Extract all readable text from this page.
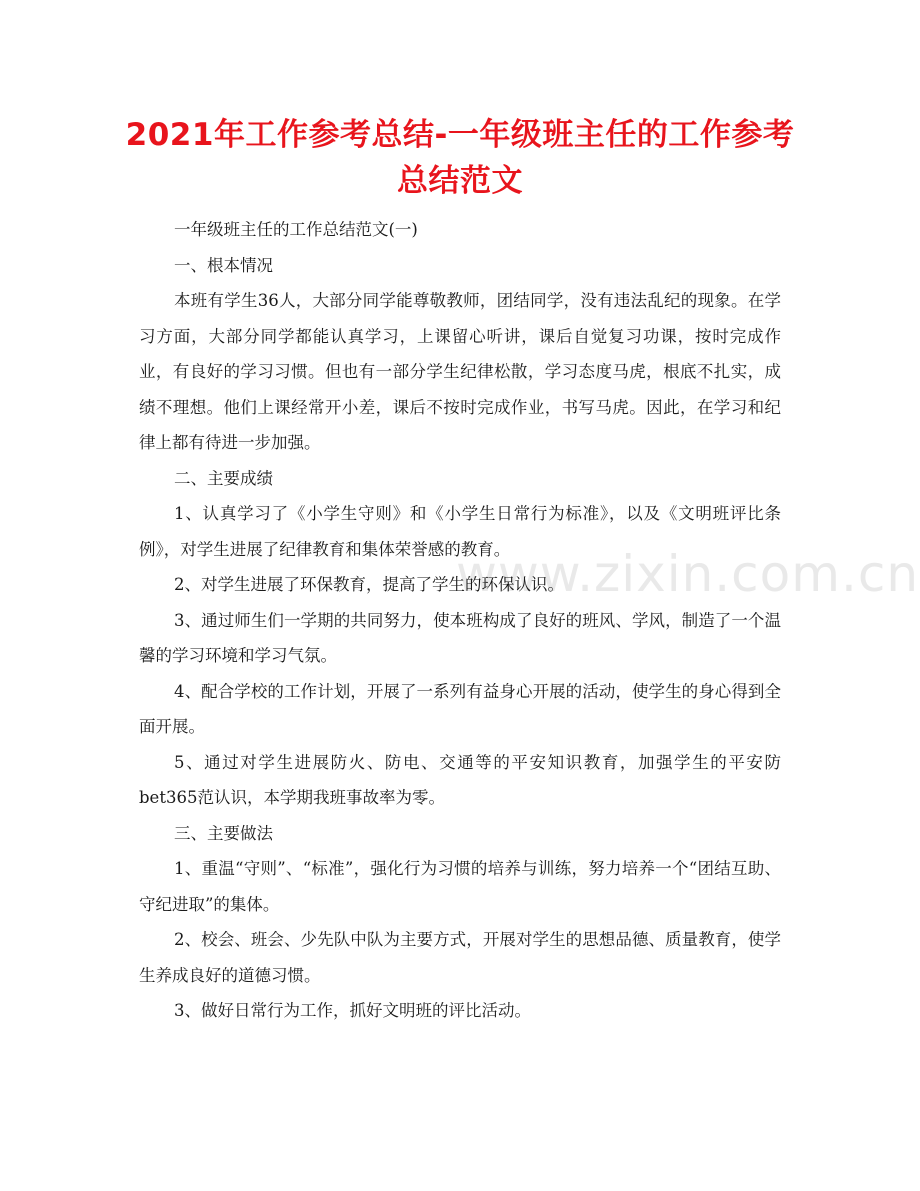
www.zixin.com.cn
2021年工作参考总结-一年级班主任的工作参考总结范文

一年级班主任的工作总结范文(一)

一、根本情况

本班有学生36人，大部分同学能尊敬教师，团结同学，没有违法乱纪的现象。在学习方面，大部分同学都能认真学习，上课留心听讲，课后自觉复习功课，按时完成作业，有良好的学习习惯。但也有一部分学生纪律松散，学习态度马虎，根底不扎实，成绩不理想。他们上课经常开小差，课后不按时完成作业，书写马虎。因此，在学习和纪律上都有待进一步加强。

二、主要成绩

1、认真学习了《小学生守则》和《小学生日常行为标准》，以及《文明班评比条例》，对学生进展了纪律教育和集体荣誉感的教育。

2、对学生进展了环保教育，提高了学生的环保认识。

3、通过师生们一学期的共同努力，使本班构成了良好的班风、学风，制造了一个温馨的学习环境和学习气氛。

4、配合学校的工作计划，开展了一系列有益身心开展的活动，使学生的身心得到全面开展。

5、通过对学生进展防火、防电、交通等的平安知识教育，加强学生的平安防bet365范认识，本学期我班事故率为零。

三、主要做法

1、重温“守则”、“标准”，强化行为习惯的培养与训练，努力培养一个“团结互助、守纪进取”的集体。

2、校会、班会、少先队中队为主要方式，开展对学生的思想品德、质量教育，使学生养成良好的道德习惯。

3、做好日常行为工作，抓好文明班的评比活动。
